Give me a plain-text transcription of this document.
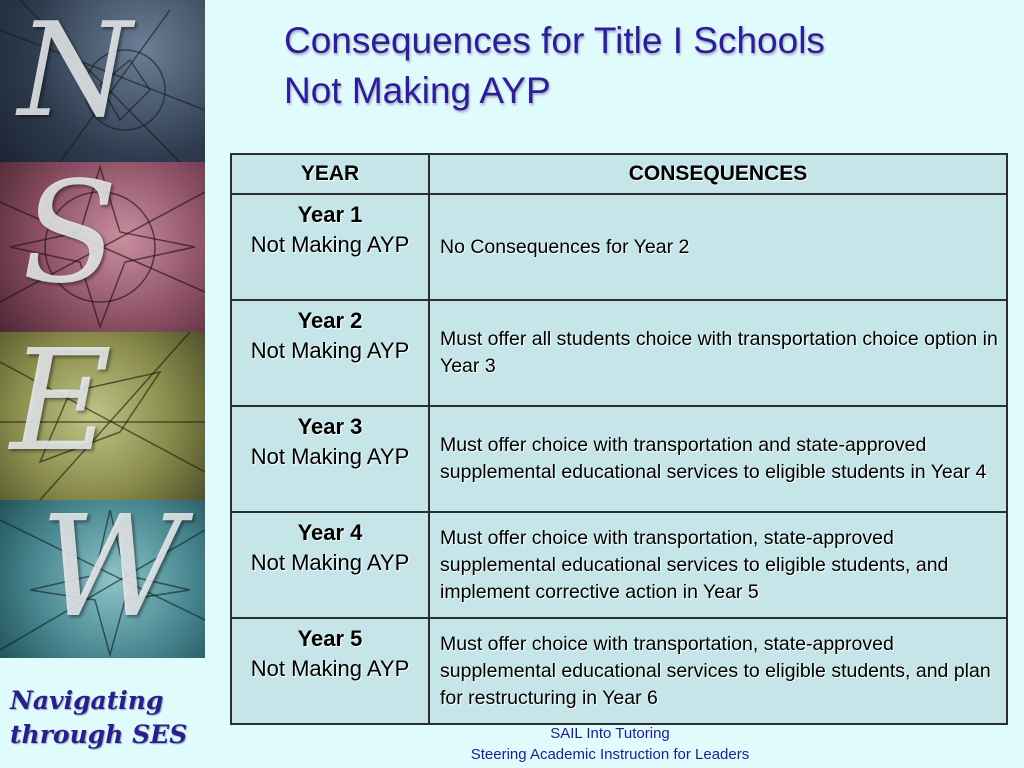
N
S
E
W
Navigating
through SES
Consequences for Title I Schools
Not Making AYP
YEAR	CONSEQUENCES

Year 1
Not Making AYP	No Consequences for Year 2

Year 2
Not Making AYP	Must offer all students choice with transportation choice option in Year 3

Year 3
Not Making AYP	Must offer choice with transportation and state-approved supplemental educational services to eligible students in Year 4

Year 4
Not Making AYP	Must offer choice with transportation, state-approved supplemental educational services to eligible students, and implement corrective action in Year 5

Year 5
Not Making AYP	Must offer choice with transportation, state-approved supplemental educational services to eligible students, and plan for restructuring in Year 6
SAIL Into Tutoring
Steering Academic Instruction for Leaders
